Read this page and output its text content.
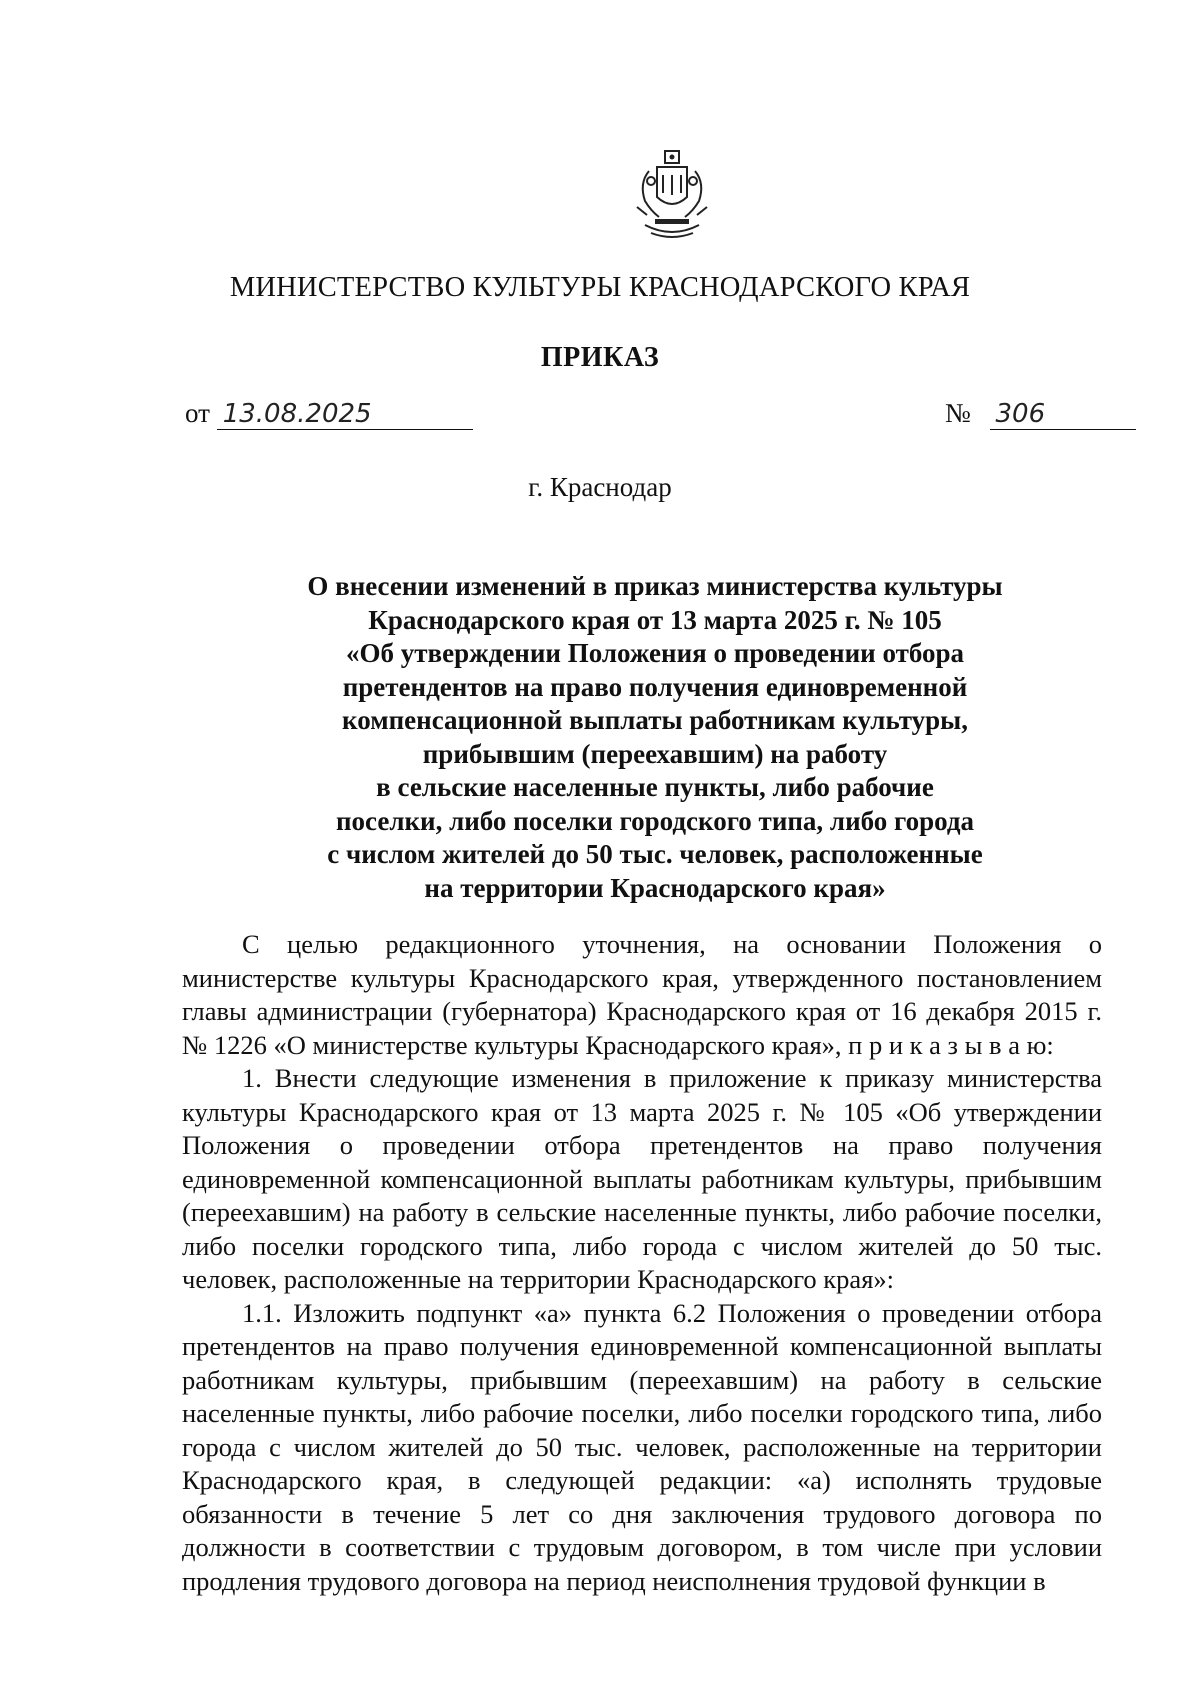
МИНИСТЕРСТВО КУЛЬТУРЫ КРАСНОДАРСКОГО КРАЯ
ПРИКАЗ
от 13.08.2025	№ 306
г. Краснодар
О внесении изменений в приказ министерства культуры
Краснодарского края от 13 марта 2025 г. № 105
«Об утверждении Положения о проведении отбора
претендентов на право получения единовременной
компенсационной выплаты работникам культуры,
прибывшим (переехавшим) на работу
в сельские населенные пункты, либо рабочие
поселки, либо поселки городского типа, либо города
с числом жителей до 50 тыс. человек, расположенные
на территории Краснодарского края»

С целью редакционного уточнения, на основании Положения о министерстве культуры Краснодарского края, утвержденного постановлением главы администрации (губернатора) Краснодарского края от 16 декабря 2015 г. № 1226 «О министерстве культуры Краснодарского края», п р и к а з ы в а ю:

1. Внести следующие изменения в приложение к приказу министерства культуры Краснодарского края от 13 марта 2025 г. № 105 «Об утверждении Положения о проведении отбора претендентов на право получения единовременной компенсационной выплаты работникам культуры, прибывшим (переехавшим) на работу в сельские населенные пункты, либо рабочие поселки, либо поселки городского типа, либо города с числом жителей до 50 тыс. человек, расположенные на территории Краснодарского края»:

1.1. Изложить подпункт «а» пункта 6.2 Положения о проведении отбора претендентов на право получения единовременной компенсационной выплаты работникам культуры, прибывшим (переехавшим) на работу в сельские населенные пункты, либо рабочие поселки, либо поселки городского типа, либо города с числом жителей до 50 тыс. человек, расположенные на территории Краснодарского края, в следующей редакции: «а) исполнять трудовые обязанности в течение 5 лет со дня заключения трудового договора по должности в соответствии с трудовым договором, в том числе при условии продления трудового договора на период неисполнения трудовой функции в
